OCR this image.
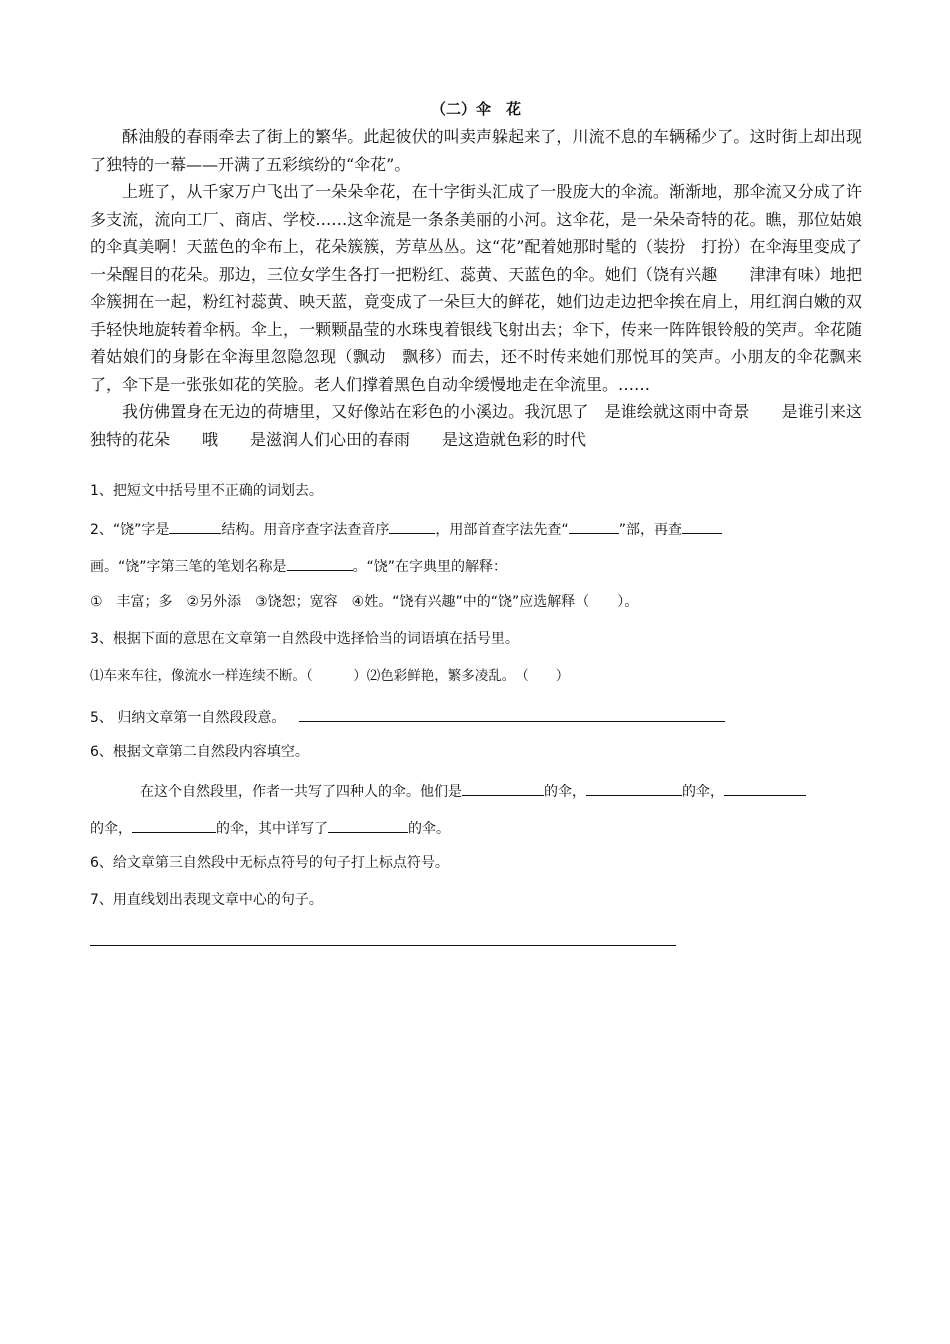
（二）伞　花

酥油般的春雨牵去了街上的繁华。此起彼伏的叫卖声躲起来了，川流不息的车辆稀少了。这时街上却出现了独特的一幕——开满了五彩缤纷的“伞花”。

上班了，从千家万户飞出了一朵朵伞花，在十字街头汇成了一股庞大的伞流。渐渐地，那伞流又分成了许多支流，流向工厂、商店、学校……这伞流是一条条美丽的小河。这伞花，是一朵朵奇特的花。瞧，那位姑娘的伞真美啊！天蓝色的伞布上，花朵簇簇，芳草丛丛。这“花”配着她那时髦的（装扮　打扮）在伞海里变成了一朵醒目的花朵。那边，三位女学生各打一把粉红、蕊黄、天蓝色的伞。她们（饶有兴趣　　津津有味）地把伞簇拥在一起，粉红衬蕊黄、映天蓝，竟变成了一朵巨大的鲜花，她们边走边把伞挨在肩上，用红润白嫩的双手轻快地旋转着伞柄。伞上，一颗颗晶莹的水珠曳着银线飞射出去；伞下，传来一阵阵银铃般的笑声。伞花随着姑娘们的身影在伞海里忽隐忽现（飘动　飘移）而去，还不时传来她们那悦耳的笑声。小朋友的伞花飘来了，伞下是一张张如花的笑脸。老人们撑着黑色自动伞缓慢地走在伞流里。……

我仿佛置身在无边的荷塘里，又好像站在彩色的小溪边。我沉思了　是谁绘就这雨中奇景　　是谁引来这独特的花朵　　哦　　是滋润人们心田的春雨　　是这造就色彩的时代

1、把短文中括号里不正确的词划去。

2、“饶”字是	结构。用音序查字法查音序	，用部首查字法先查“	”部，再查

画。“饶”字第三笔的笔划名称是	。“饶”在字典里的解释：

①　丰富；多　②另外添　③饶恕；宽容　④姓。“饶有兴趣”中的“饶”应选解释（　　）。

3、根据下面的意思在文章第一自然段中选择恰当的词语填在括号里。

⑴车来车往，像流水一样连续不断。（　　　）⑵色彩鲜艳，繁多凌乱。　（　　）

5、 归纳文章第一自然段段意。

6、根据文章第二自然段内容填空。

在这个自然段里，作者一共写了四种人的伞。他们是	的伞，	的伞，

的伞，	的伞，其中详写了	的伞。

6、给文章第三自然段中无标点符号的句子打上标点符号。

7、用直线划出表现文章中心的句子。
